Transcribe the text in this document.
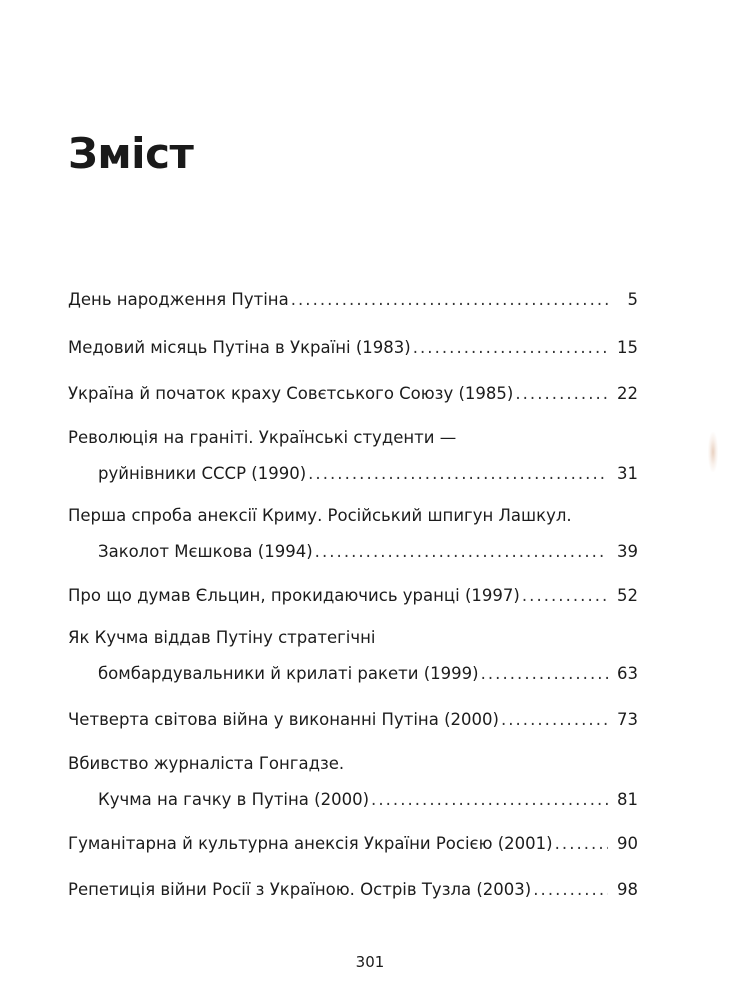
Зміст
День народження Путіна . . .	5
Медовий місяць Путіна в Україні (1983) . . .	15
Україна й початок краху Совєтського Союзу (1985) . . .	22
Революція на граніті. Українські студенти —
руйнівники СССР (1990) . . .	31
Перша спроба анексії Криму. Російський шпигун Лашкул.
Заколот Мєшкова (1994) . . .	39
Про що думав Єльцин, прокидаючись уранці (1997) . . .	52
Як Кучма віддав Путіну стратегічні
бомбардувальники й крилаті ракети (1999) . . .	63
Четверта світова війна у виконанні Путіна (2000) . . .	73
Вбивство журналіста Гонгадзе.
Кучма на гачку в Путіна (2000) . . .	81
Гуманітарна й культурна анексія України Росією (2001) . . .	90
Репетиція війни Росії з Україною. Острів Тузла (2003) . . .	98
301
